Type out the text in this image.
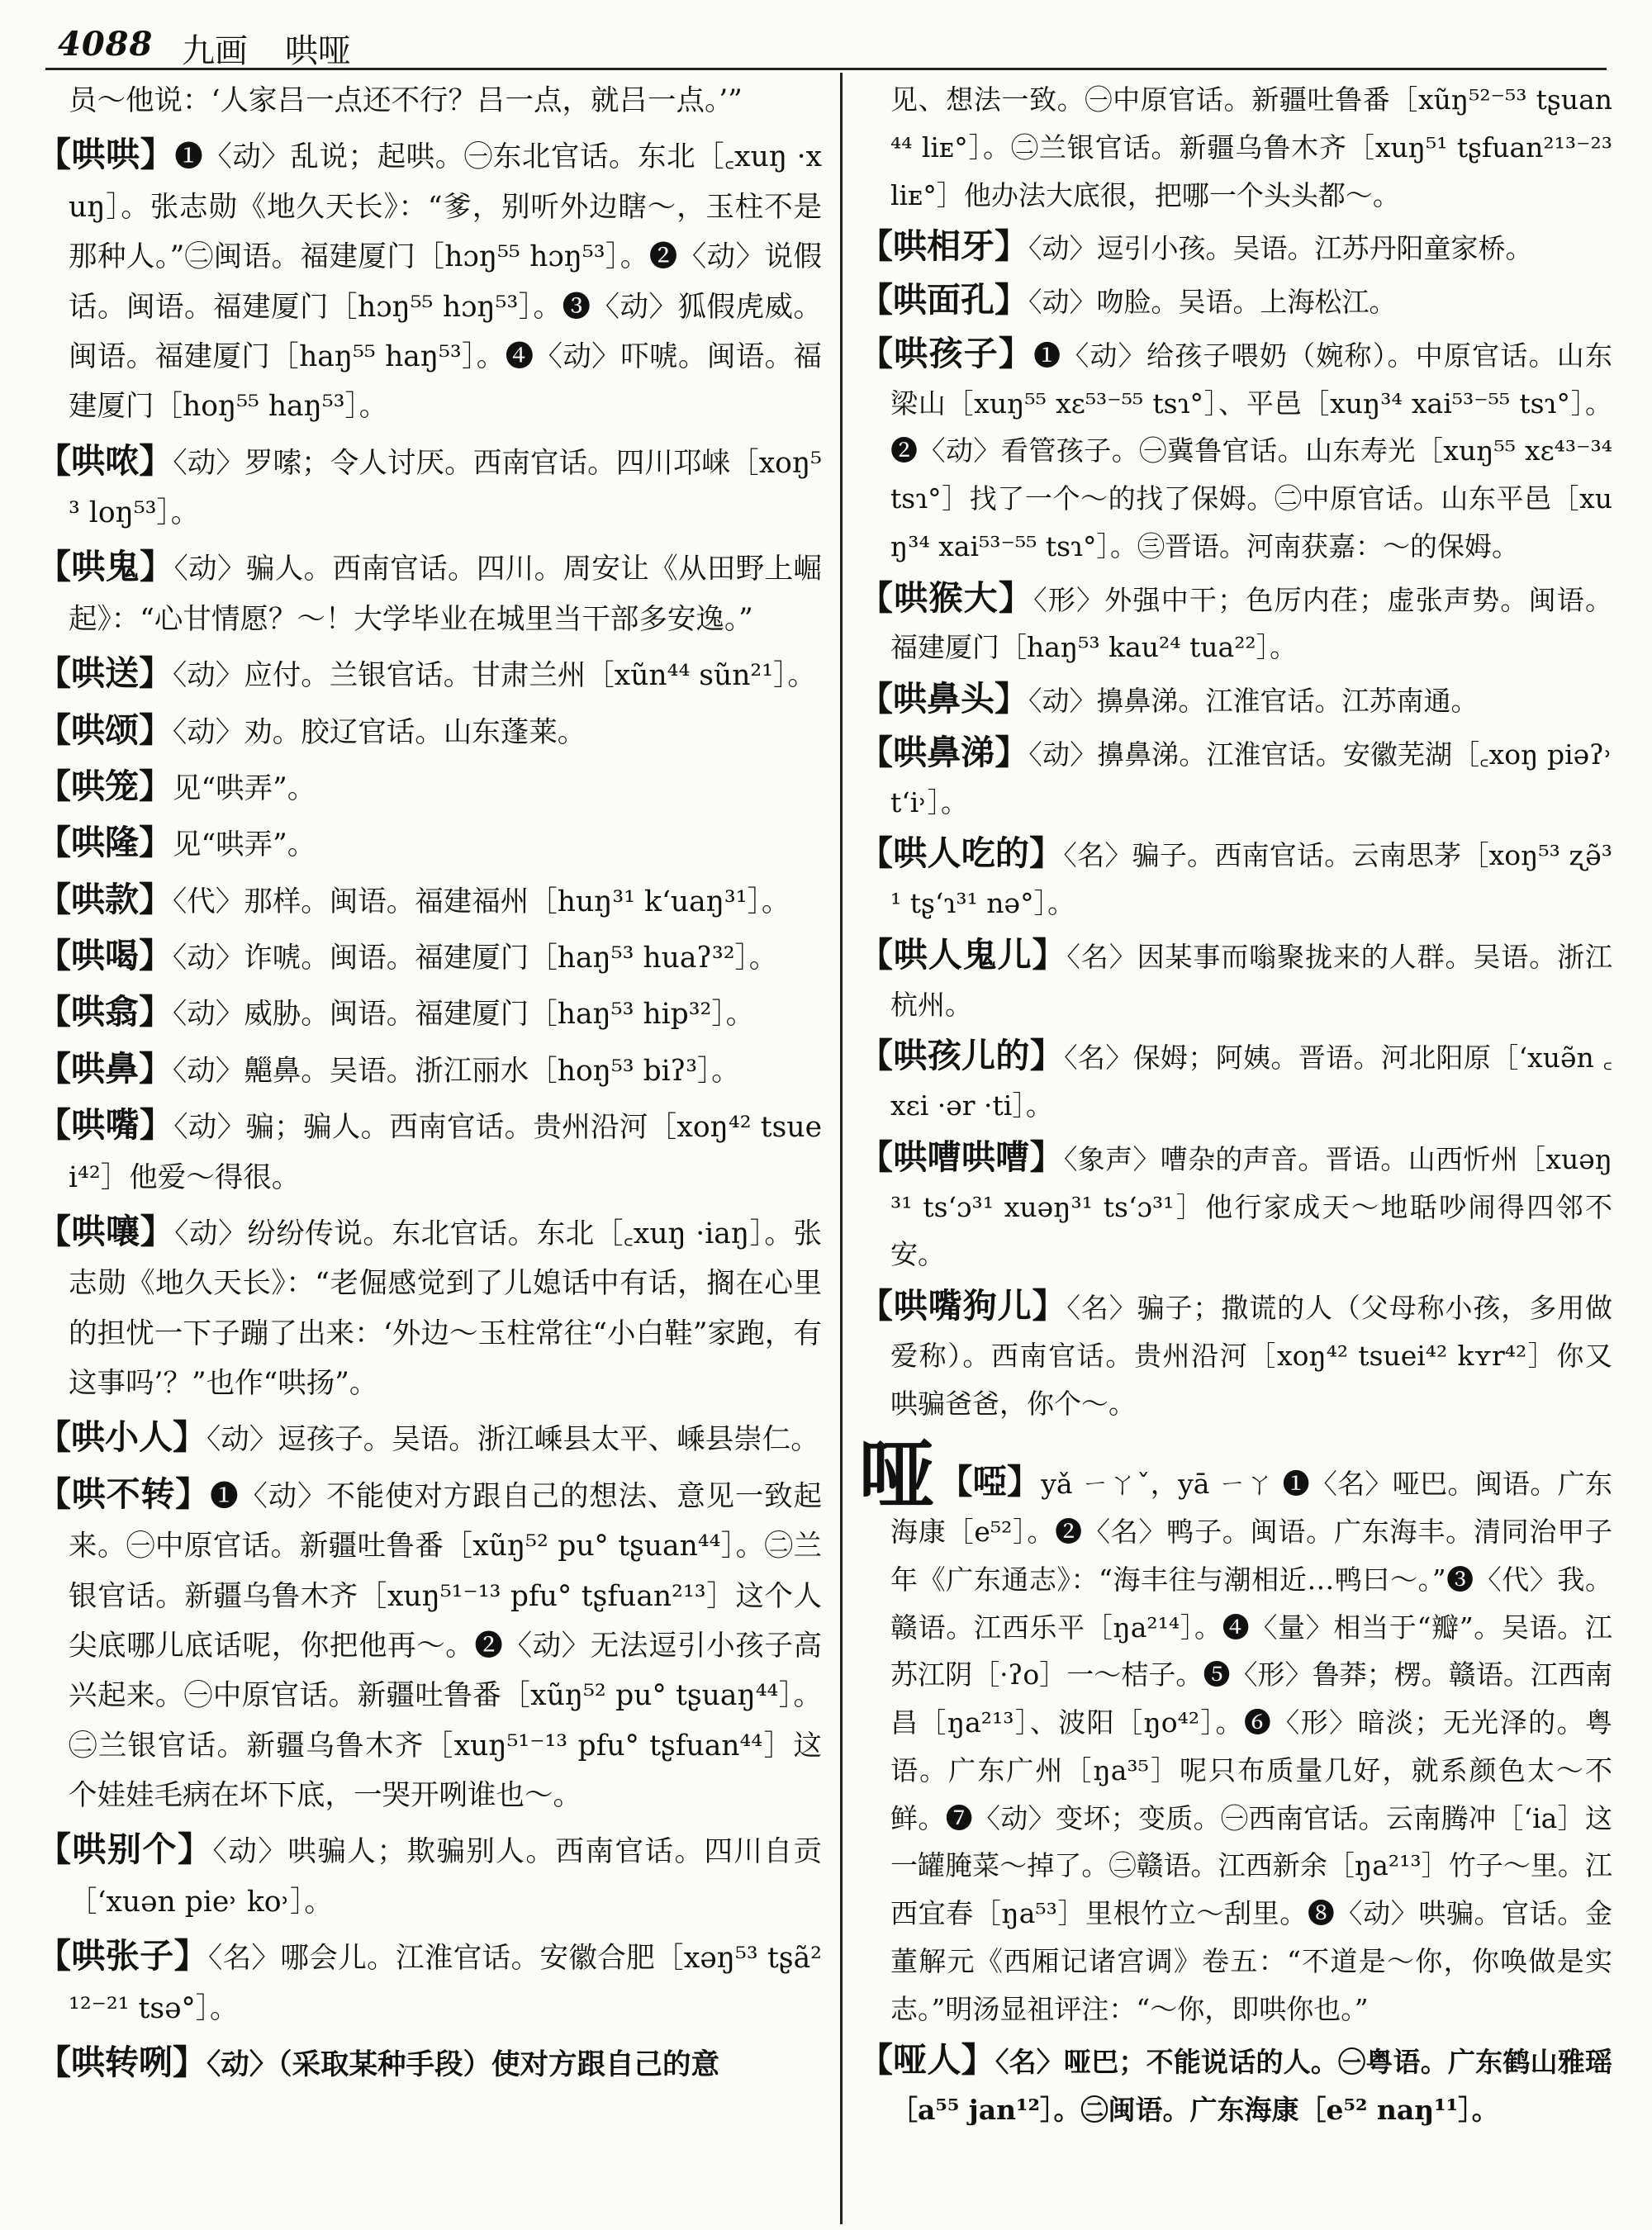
4088 九画 哄哑

员～他说：‘人家吕一点还不行？吕一点，就吕一点。’”

【哄哄】❶〈动〉乱说；起哄。㊀东北官话。东北［꜀xuŋ ·xuŋ］。张志勋《地久天长》：“爹，别听外边瞎～，玉柱不是那种人。”㊁闽语。福建厦门［hɔŋ⁵⁵ hɔŋ⁵³］。❷〈动〉说假话。闽语。福建厦门［hɔŋ⁵⁵ hɔŋ⁵³］。❸〈动〉狐假虎威。闽语。福建厦门［haŋ⁵⁵ haŋ⁵³］。❹〈动〉吓唬。闽语。福建厦门［hoŋ⁵⁵ haŋ⁵³］。

【哄哝】〈动〉罗嗦；令人讨厌。西南官话。四川邛崃［xoŋ⁵³ loŋ⁵³］。

【哄鬼】〈动〉骗人。西南官话。四川。周安让《从田野上崛起》：“心甘情愿？～！大学毕业在城里当干部多安逸。”

【哄送】〈动〉应付。兰银官话。甘肃兰州［xũn⁴⁴ sũn²¹］。

【哄颂】〈动〉劝。胶辽官话。山东蓬莱。

【哄笼】见“哄弄”。

【哄隆】见“哄弄”。

【哄款】〈代〉那样。闽语。福建福州［huŋ³¹ k‘uaŋ³¹］。

【哄喝】〈动〉诈唬。闽语。福建厦门［haŋ⁵³ huaʔ³²］。

【哄翕】〈动〉威胁。闽语。福建厦门［haŋ⁵³ hip³²］。

【哄鼻】〈动〉齆鼻。吴语。浙江丽水［hoŋ⁵³ biʔ³］。

【哄嘴】〈动〉骗；骗人。西南官话。贵州沿河［xoŋ⁴² tsuei⁴²］他爱～得很。

【哄嚷】〈动〉纷纷传说。东北官话。东北［꜀xuŋ ·iaŋ］。张志勋《地久天长》：“老倔感觉到了儿媳话中有话，搁在心里的担忧一下子蹦了出来：‘外边～玉柱常往“小白鞋”家跑，有这事吗’？”也作“哄扬”。

【哄小人】〈动〉逗孩子。吴语。浙江嵊县太平、嵊县崇仁。

【哄不转】❶〈动〉不能使对方跟自己的想法、意见一致起来。㊀中原官话。新疆吐鲁番［xũŋ⁵² pu° tʂuan⁴⁴］。㊁兰银官话。新疆乌鲁木齐［xuŋ⁵¹⁻¹³ pfu° tʂfuan²¹³］这个人尖底哪儿底话呢，你把他再～。❷〈动〉无法逗引小孩子高兴起来。㊀中原官话。新疆吐鲁番［xũŋ⁵² pu° tʂuaŋ⁴⁴］。㊁兰银官话。新疆乌鲁木齐［xuŋ⁵¹⁻¹³ pfu° tʂfuan⁴⁴］这个娃娃毛病在坏下底，一哭开咧谁也～。

【哄别个】〈动〉哄骗人；欺骗别人。西南官话。四川自贡［‘xuən pie˒ ko˒］。

【哄张子】〈名〉哪会儿。江淮官话。安徽合肥［xəŋ⁵³ tʂã²¹²⁻²¹ tsə°］。

【哄转咧】〈动〉（采取某种手段）使对方跟自己的意

见、想法一致。㊀中原官话。新疆吐鲁番［xũŋ⁵²⁻⁵³ tʂuan⁴⁴ liᴇ°］。㊁兰银官话。新疆乌鲁木齐［xuŋ⁵¹ tʂfuan²¹³⁻²³ liᴇ°］他办法大底很，把哪一个头头都～。

【哄相牙】〈动〉逗引小孩。吴语。江苏丹阳童家桥。

【哄面孔】〈动〉吻脸。吴语。上海松江。

【哄孩子】❶〈动〉给孩子喂奶（婉称）。中原官话。山东梁山［xuŋ⁵⁵ xɛ⁵³⁻⁵⁵ tsɿ°］、平邑［xuŋ³⁴ xai⁵³⁻⁵⁵ tsɿ°］。❷〈动〉看管孩子。㊀冀鲁官话。山东寿光［xuŋ⁵⁵ xɛ⁴³⁻³⁴ tsɿ°］找了一个～的找了保姆。㊁中原官话。山东平邑［xuŋ³⁴ xai⁵³⁻⁵⁵ tsɿ°］。㊂晋语。河南获嘉：～的保姆。

【哄猴大】〈形〉外强中干；色厉内荏；虚张声势。闽语。福建厦门［haŋ⁵³ kau²⁴ tua²²］。

【哄鼻头】〈动〉擤鼻涕。江淮官话。江苏南通。

【哄鼻涕】〈动〉擤鼻涕。江淮官话。安徽芜湖［꜀xoŋ piəʔ˒ t‘i˒］。

【哄人吃的】〈名〉骗子。西南官话。云南思茅［xoŋ⁵³ ʐə̃³¹ tʂ‘ɿ³¹ nə°］。

【哄人鬼儿】〈名〉因某事而嗡聚拢来的人群。吴语。浙江杭州。

【哄孩儿的】〈名〉保姆；阿姨。晋语。河北阳原［‘xuə̃n ꜀xɛi ·ər ·ti］。

【哄嘈哄嘈】〈象声〉嘈杂的声音。晋语。山西忻州［xuəŋ³¹ ts‘ɔ³¹ xuəŋ³¹ ts‘ɔ³¹］他行家成天～地聒吵闹得四邻不安。

【哄嘴狗儿】〈名〉骗子；撒谎的人（父母称小孩，多用做爱称）。西南官话。贵州沿河［xoŋ⁴² tsuei⁴² kʏr⁴²］你又哄骗爸爸，你个～。

哑【啞】yǎ ㄧㄚˇ，yā ㄧㄚ ❶〈名〉哑巴。闽语。广东海康［e⁵²］。❷〈名〉鸭子。闽语。广东海丰。清同治甲子年《广东通志》：“海丰往与潮相近…鸭曰～。”❸〈代〉我。赣语。江西乐平［ŋa²¹⁴］。❹〈量〉相当于“瓣”。吴语。江苏江阴［·ʔo］一～桔子。❺〈形〉鲁莽；楞。赣语。江西南昌［ŋa²¹³］、波阳［ŋo⁴²］。❻〈形〉暗淡；无光泽的。粤语。广东广州［ŋa³⁵］呢只布质量几好，就系颜色太～不鲜。❼〈动〉变坏；变质。㊀西南官话。云南腾冲［‘ia］这一罐腌菜～掉了。㊁赣语。江西新余［ŋa²¹³］竹子～里。江西宜春［ŋa⁵³］里根竹立～刮里。❽〈动〉哄骗。官话。金董解元《西厢记诸宫调》卷五：“不道是～你，你唤做是实志。”明汤显祖评注：“～你，即哄你也。”

【哑人】〈名〉哑巴；不能说话的人。㊀粤语。广东鹤山雅瑶［a⁵⁵ jan¹²］。㊁闽语。广东海康［e⁵² naŋ¹¹］。
